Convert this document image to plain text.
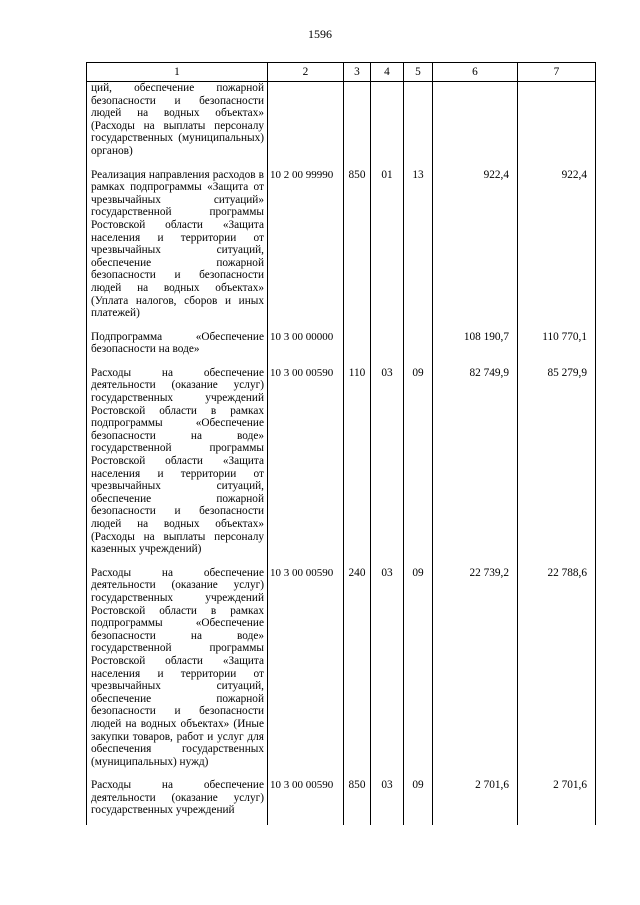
1596
1	2	3	4	5	6	7
ций, обеспечение пожарной безопасности и безопасности людей на водных объектах» (Расходы на выплаты персоналу государственных (муниципальных) органов)						
Реализация направления расходов в рамках подпрограммы «Защита от чрезвычайных ситуаций» государственной программы Ростовской области «Защита населения и территории от чрезвычайных ситуаций, обеспечение пожарной безопасности и безопасности людей на водных объектах» (Уплата налогов, сборов и иных платежей)	10 2 00 99990	850	01	13	922,4	922,4
Подпрограмма «Обеспечение безопасности на воде»	10 3 00 00000				108 190,7	110 770,1
Расходы на обеспечение деятельности (оказание услуг) государственных учреждений Ростовской области в рамках подпрограммы «Обеспечение безопасности на воде» государственной программы Ростовской области «Защита населения и территории от чрезвычайных ситуаций, обеспечение пожарной безопасности и безопасности людей на водных объектах» (Расходы на выплаты персоналу казенных учреждений)	10 3 00 00590	110	03	09	82 749,9	85 279,9
Расходы на обеспечение деятельности (оказание услуг) государственных учреждений Ростовской области в рамках подпрограммы «Обеспечение безопасности на воде» государственной программы Ростовской области «Защита населения и территории от чрезвычайных ситуаций, обеспечение пожарной безопасности и безопасности людей на водных объектах» (Иные закупки товаров, работ и услуг для обеспечения государственных (муниципальных) нужд)	10 3 00 00590	240	03	09	22 739,2	22 788,6
Расходы на обеспечение деятельности (оказание услуг) государственных учреждений	10 3 00 00590	850	03	09	2 701,6	2 701,6
